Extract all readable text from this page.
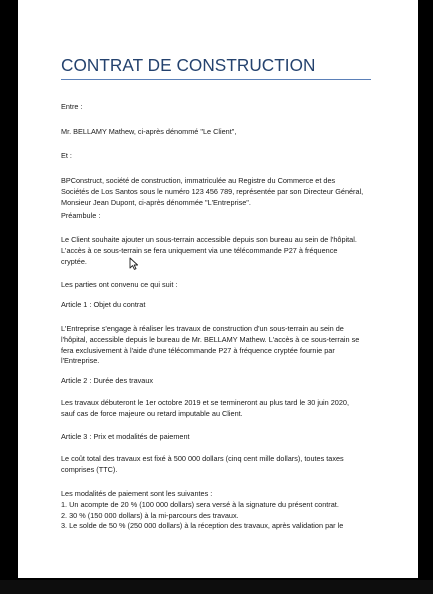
CONTRAT DE CONSTRUCTION
Entre :
Mr. BELLAMY Mathew, ci-après dénommé "Le Client",
Et :
BPConstruct, société de construction, immatriculée au Registre du Commerce et des
Sociétés de Los Santos sous le numéro 123 456 789, représentée par son Directeur Général,
Monsieur Jean Dupont, ci-après dénommée "L'Entreprise".
Préambule :
Le Client souhaite ajouter un sous-terrain accessible depuis son bureau au sein de l'hôpital.
L'accès à ce sous-terrain se fera uniquement via une télécommande P27 à fréquence
cryptée.
Les parties ont convenu ce qui suit :
Article 1 : Objet du contrat
L'Entreprise s'engage à réaliser les travaux de construction d'un sous-terrain au sein de
l'hôpital, accessible depuis le bureau de Mr. BELLAMY Mathew. L'accès à ce sous-terrain se
fera exclusivement à l'aide d'une télécommande P27 à fréquence cryptée fournie par
l'Entreprise.
Article 2 : Durée des travaux
Les travaux débuteront le 1er octobre 2019 et se termineront au plus tard le 30 juin 2020,
sauf cas de force majeure ou retard imputable au Client.
Article 3 : Prix et modalités de paiement
Le coût total des travaux est fixé à 500 000 dollars (cinq cent mille dollars), toutes taxes
comprises (TTC).
Les modalités de paiement sont les suivantes :
1. Un acompte de 20 % (100 000 dollars) sera versé à la signature du présent contrat.
2. 30 % (150 000 dollars) à la mi-parcours des travaux.
3. Le solde de 50 % (250 000 dollars) à la réception des travaux, après validation par le
